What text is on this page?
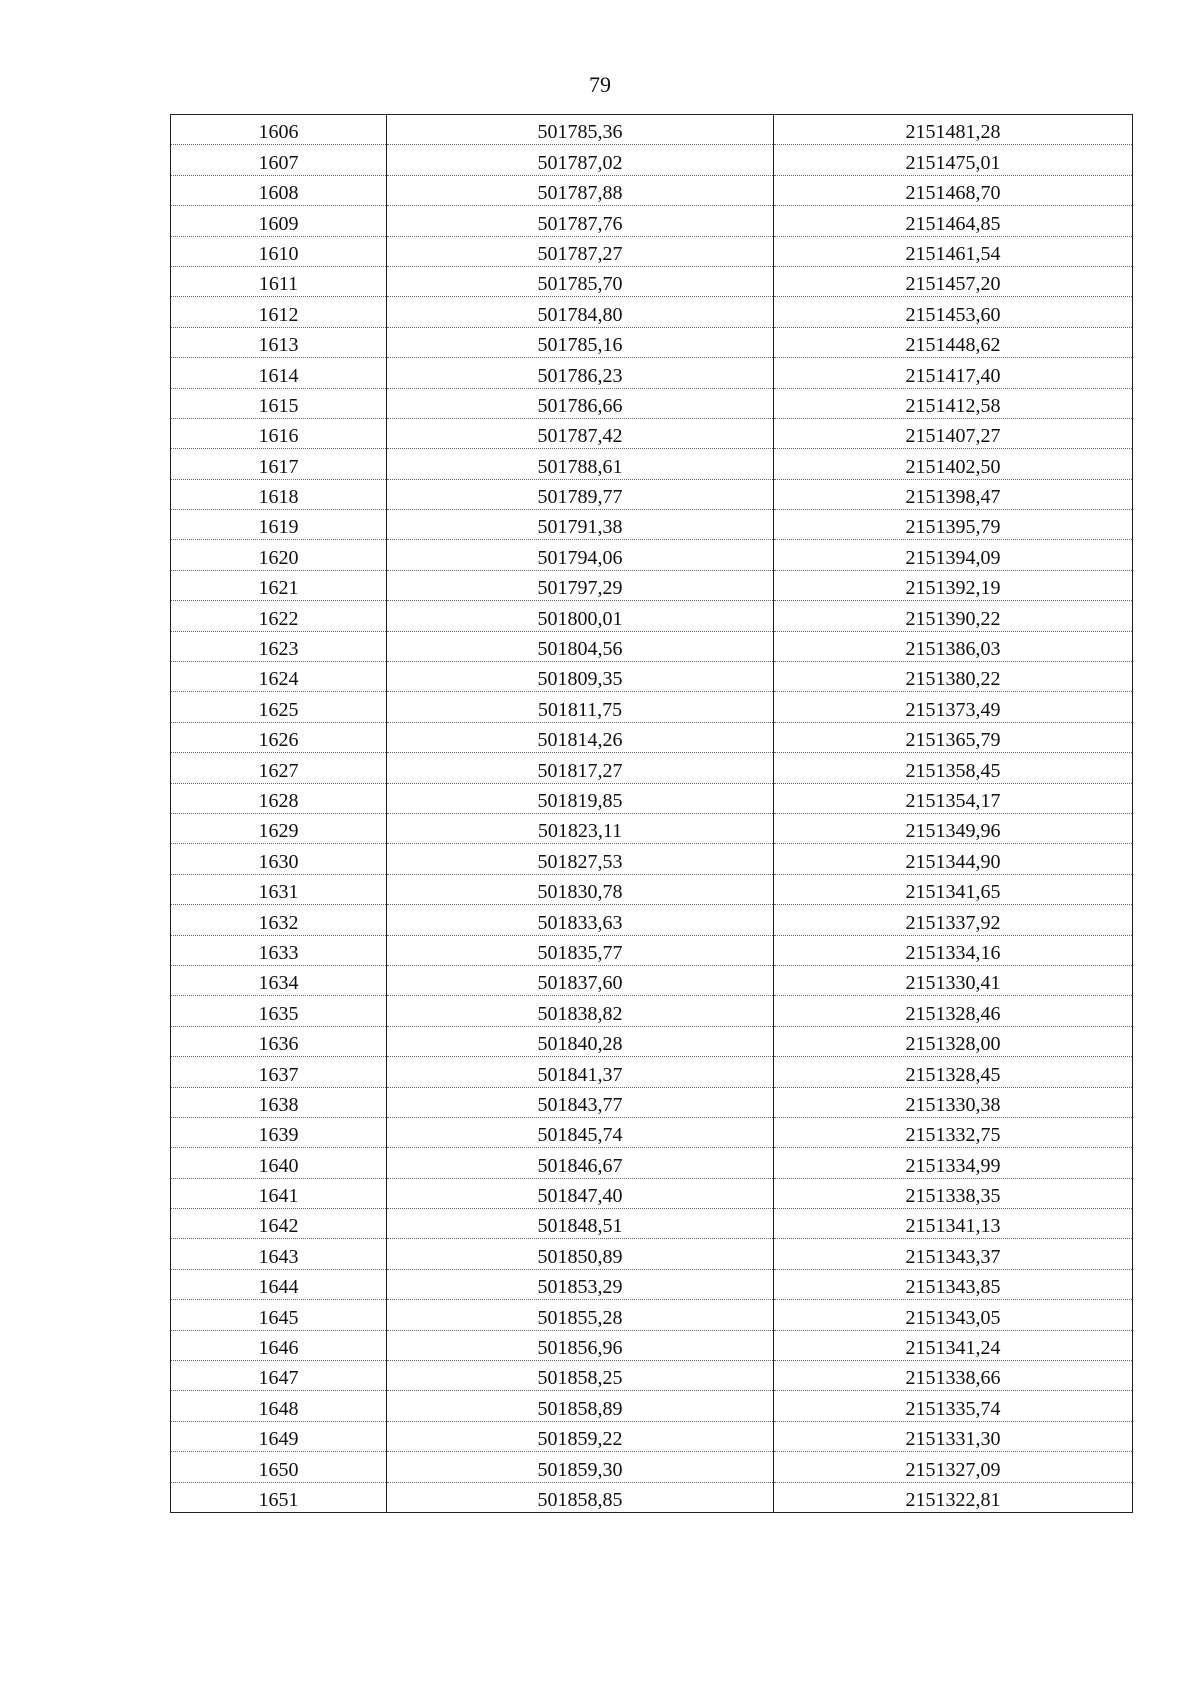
79
1606	501785,36	2151481,28
1607	501787,02	2151475,01
1608	501787,88	2151468,70
1609	501787,76	2151464,85
1610	501787,27	2151461,54
1611	501785,70	2151457,20
1612	501784,80	2151453,60
1613	501785,16	2151448,62
1614	501786,23	2151417,40
1615	501786,66	2151412,58
1616	501787,42	2151407,27
1617	501788,61	2151402,50
1618	501789,77	2151398,47
1619	501791,38	2151395,79
1620	501794,06	2151394,09
1621	501797,29	2151392,19
1622	501800,01	2151390,22
1623	501804,56	2151386,03
1624	501809,35	2151380,22
1625	501811,75	2151373,49
1626	501814,26	2151365,79
1627	501817,27	2151358,45
1628	501819,85	2151354,17
1629	501823,11	2151349,96
1630	501827,53	2151344,90
1631	501830,78	2151341,65
1632	501833,63	2151337,92
1633	501835,77	2151334,16
1634	501837,60	2151330,41
1635	501838,82	2151328,46
1636	501840,28	2151328,00
1637	501841,37	2151328,45
1638	501843,77	2151330,38
1639	501845,74	2151332,75
1640	501846,67	2151334,99
1641	501847,40	2151338,35
1642	501848,51	2151341,13
1643	501850,89	2151343,37
1644	501853,29	2151343,85
1645	501855,28	2151343,05
1646	501856,96	2151341,24
1647	501858,25	2151338,66
1648	501858,89	2151335,74
1649	501859,22	2151331,30
1650	501859,30	2151327,09
1651	501858,85	2151322,81
